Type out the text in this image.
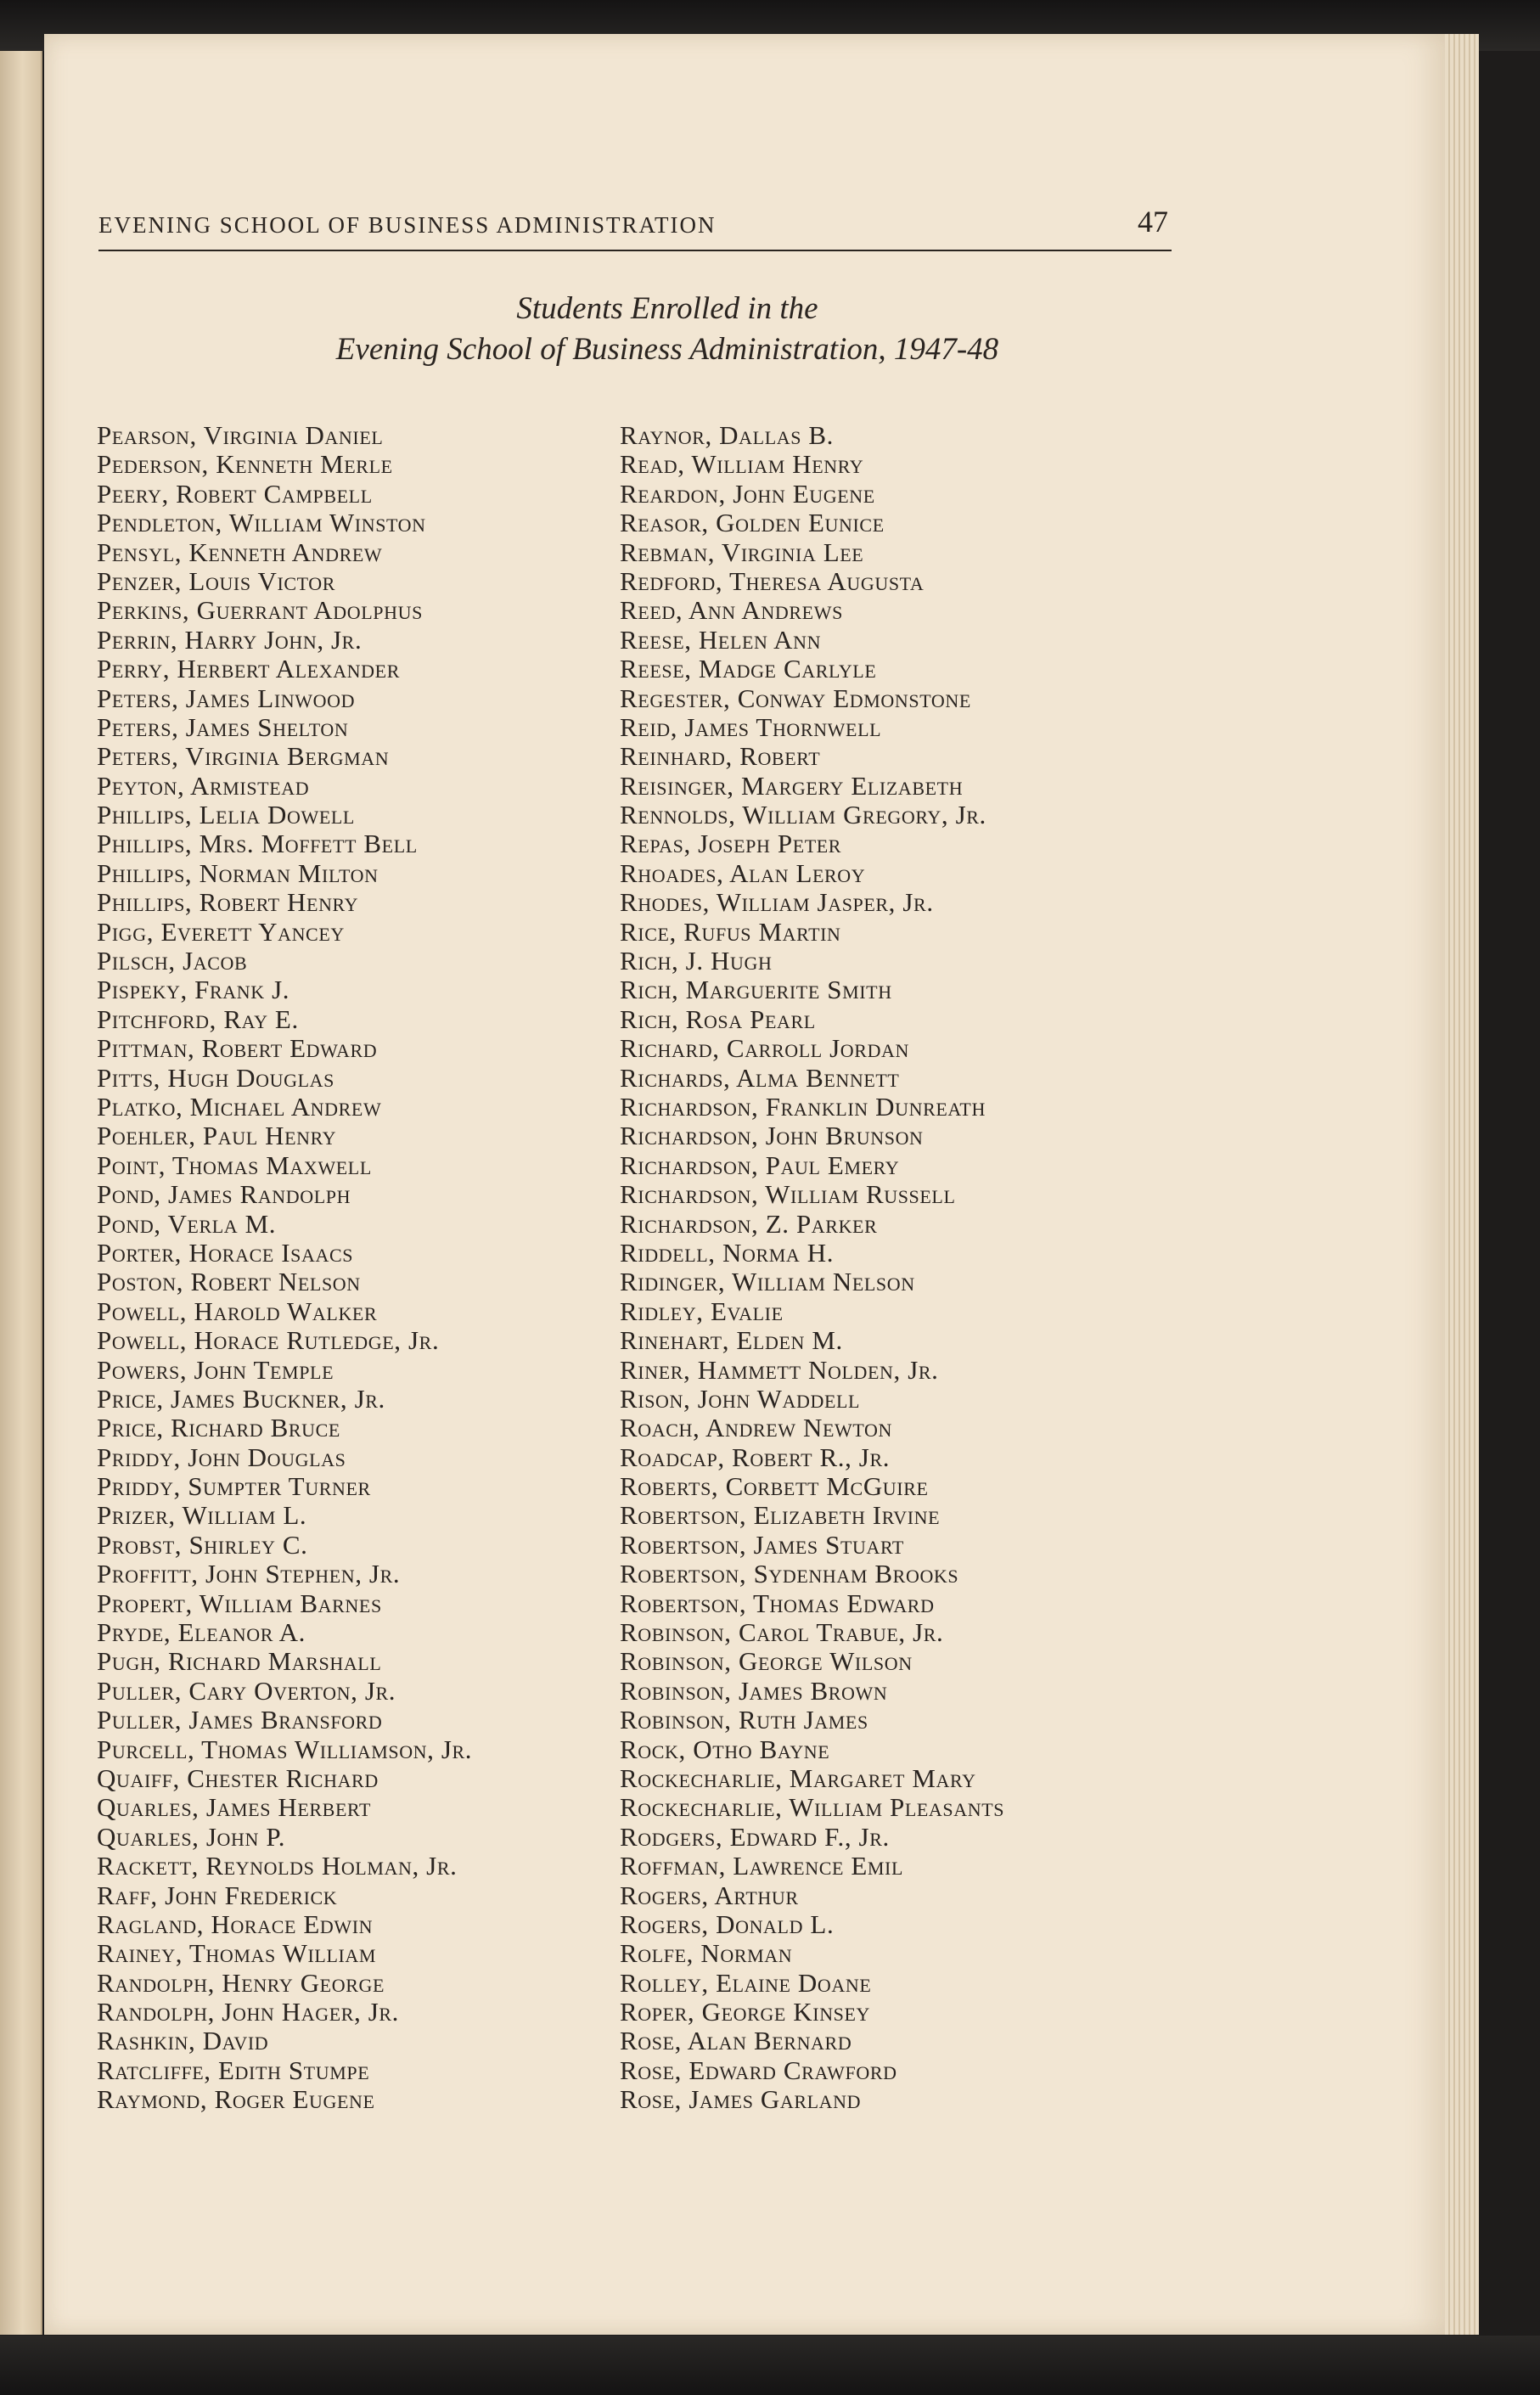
EVENING SCHOOL OF BUSINESS ADMINISTRATION	47
Students Enrolled in the
Evening School of Business Administration, 1947-48
Pearson, Virginia Daniel
Pederson, Kenneth Merle
Peery, Robert Campbell
Pendleton, William Winston
Pensyl, Kenneth Andrew
Penzer, Louis Victor
Perkins, Guerrant Adolphus
Perrin, Harry John, Jr.
Perry, Herbert Alexander
Peters, James Linwood
Peters, James Shelton
Peters, Virginia Bergman
Peyton, Armistead
Phillips, Lelia Dowell
Phillips, Mrs. Moffett Bell
Phillips, Norman Milton
Phillips, Robert Henry
Pigg, Everett Yancey
Pilsch, Jacob
Pispeky, Frank J.
Pitchford, Ray E.
Pittman, Robert Edward
Pitts, Hugh Douglas
Platko, Michael Andrew
Poehler, Paul Henry
Point, Thomas Maxwell
Pond, James Randolph
Pond, Verla M.
Porter, Horace Isaacs
Poston, Robert Nelson
Powell, Harold Walker
Powell, Horace Rutledge, Jr.
Powers, John Temple
Price, James Buckner, Jr.
Price, Richard Bruce
Priddy, John Douglas
Priddy, Sumpter Turner
Prizer, William L.
Probst, Shirley C.
Proffitt, John Stephen, Jr.
Propert, William Barnes
Pryde, Eleanor A.
Pugh, Richard Marshall
Puller, Cary Overton, Jr.
Puller, James Bransford
Purcell, Thomas Williamson, Jr.
Quaiff, Chester Richard
Quarles, James Herbert
Quarles, John P.
Rackett, Reynolds Holman, Jr.
Raff, John Frederick
Ragland, Horace Edwin
Rainey, Thomas William
Randolph, Henry George
Randolph, John Hager, Jr.
Rashkin, David
Ratcliffe, Edith Stumpe
Raymond, Roger Eugene
Raynor, Dallas B.
Read, William Henry
Reardon, John Eugene
Reasor, Golden Eunice
Rebman, Virginia Lee
Redford, Theresa Augusta
Reed, Ann Andrews
Reese, Helen Ann
Reese, Madge Carlyle
Regester, Conway Edmonstone
Reid, James Thornwell
Reinhard, Robert
Reisinger, Margery Elizabeth
Rennolds, William Gregory, Jr.
Repas, Joseph Peter
Rhoades, Alan Leroy
Rhodes, William Jasper, Jr.
Rice, Rufus Martin
Rich, J. Hugh
Rich, Marguerite Smith
Rich, Rosa Pearl
Richard, Carroll Jordan
Richards, Alma Bennett
Richardson, Franklin Dunreath
Richardson, John Brunson
Richardson, Paul Emery
Richardson, William Russell
Richardson, Z. Parker
Riddell, Norma H.
Ridinger, William Nelson
Ridley, Evalie
Rinehart, Elden M.
Riner, Hammett Nolden, Jr.
Rison, John Waddell
Roach, Andrew Newton
Roadcap, Robert R., Jr.
Roberts, Corbett McGuire
Robertson, Elizabeth Irvine
Robertson, James Stuart
Robertson, Sydenham Brooks
Robertson, Thomas Edward
Robinson, Carol Trabue, Jr.
Robinson, George Wilson
Robinson, James Brown
Robinson, Ruth James
Rock, Otho Bayne
Rockecharlie, Margaret Mary
Rockecharlie, William Pleasants
Rodgers, Edward F., Jr.
Roffman, Lawrence Emil
Rogers, Arthur
Rogers, Donald L.
Rolfe, Norman
Rolley, Elaine Doane
Roper, George Kinsey
Rose, Alan Bernard
Rose, Edward Crawford
Rose, James Garland
